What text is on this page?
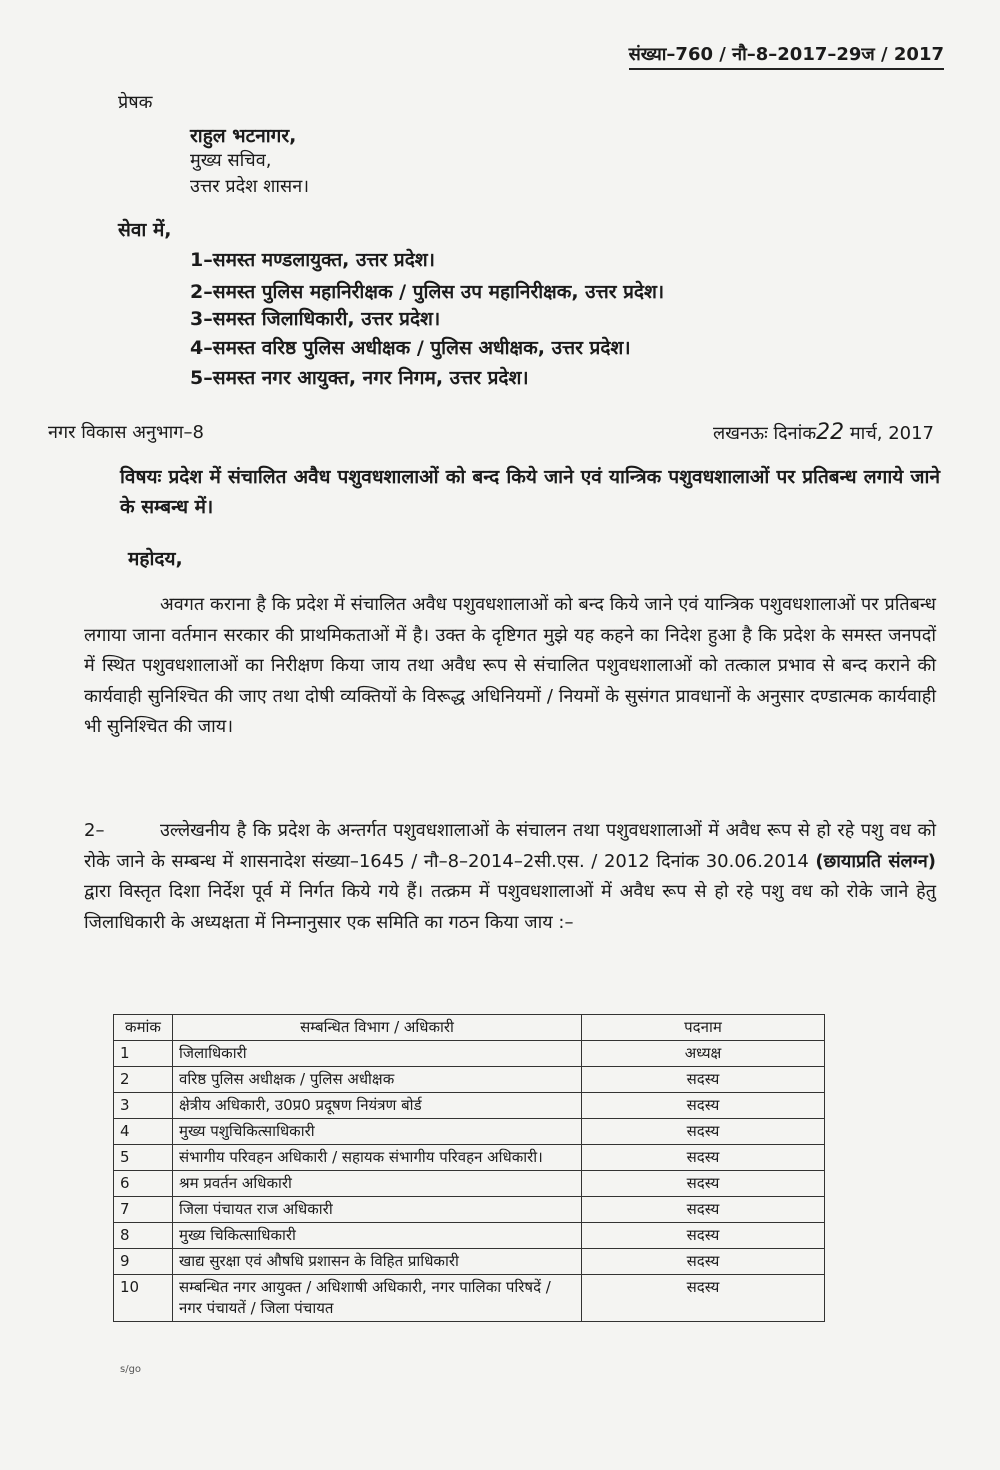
संख्या–760 / नौ–8–2017–29ज / 2017

प्रेषक

राहुल भटनागर,

मुख्य सचिव,

उत्तर प्रदेश शासन।

सेवा में,

1–समस्त मण्डलायुक्त, उत्तर प्रदेश।

2–समस्त पुलिस महानिरीक्षक / पुलिस उप महानिरीक्षक, उत्तर प्रदेश।

3–समस्त जिलाधिकारी, उत्तर प्रदेश।

4–समस्त वरिष्ठ पुलिस अधीक्षक / पुलिस अधीक्षक, उत्तर प्रदेश।

5–समस्त नगर आयुक्त, नगर निगम, उत्तर प्रदेश।

नगर विकास अनुभाग–8	लखनऊः दिनांक22 मार्च, 2017

विषयः प्रदेश में संचालित अवैध पशुवधशालाओं को बन्द किये जाने एवं यान्त्रिक पशुवधशालाओं पर प्रतिबन्ध लगाये जाने के सम्बन्ध में।

महोदय,

अवगत कराना है कि प्रदेश में संचालित अवैध पशुवधशालाओं को बन्द किये जाने एवं यान्त्रिक पशुवधशालाओं पर प्रतिबन्ध लगाया जाना वर्तमान सरकार की प्राथमिकताओं में है। उक्त के दृष्टिगत मुझे यह कहने का निदेश हुआ है कि प्रदेश के समस्त जनपदों में स्थित पशुवधशालाओं का निरीक्षण किया जाय तथा अवैध रूप से संचालित पशुवधशालाओं को तत्काल प्रभाव से बन्द कराने की कार्यवाही सुनिश्चित की जाए तथा दोषी व्यक्तियों के विरूद्ध अधिनियमों / नियमों के सुसंगत प्रावधानों के अनुसार दण्डात्मक कार्यवाही भी सुनिश्चित की जाय।

2–	उल्लेखनीय है कि प्रदेश के अन्तर्गत पशुवधशालाओं के संचालन तथा पशुवधशालाओं में अवैध रूप से हो रहे पशु वध को रोके जाने के सम्बन्ध में शासनादेश संख्या–1645 / नौ–8–2014–2सी.एस. / 2012 दिनांक 30.06.2014 (छायाप्रति संलग्न) द्वारा विस्तृत दिशा निर्देश पूर्व में निर्गत किये गये हैं। तत्क्रम में पशुवधशालाओं में अवैध रूप से हो रहे पशु वध को रोके जाने हेतु जिलाधिकारी के अध्यक्षता में निम्नानुसार एक समिति का गठन किया जाय :–

कमांक	सम्बन्धित विभाग / अधिकारी	पदनाम
1	जिलाधिकारी	अध्यक्ष
2	वरिष्ठ पुलिस अधीक्षक / पुलिस अधीक्षक	सदस्य
3	क्षेत्रीय अधिकारी, उ0प्र0 प्रदूषण नियंत्रण बोर्ड	सदस्य
4	मुख्य पशुचिकित्साधिकारी	सदस्य
5	संभागीय परिवहन अधिकारी / सहायक संभागीय परिवहन अधिकारी।	सदस्य
6	श्रम प्रवर्तन अधिकारी	सदस्य
7	जिला पंचायत राज अधिकारी	सदस्य
8	मुख्य चिकित्साधिकारी	सदस्य
9	खाद्य सुरक्षा एवं औषधि प्रशासन के विहित प्राधिकारी	सदस्य
10	सम्बन्धित नगर आयुक्त / अधिशाषी अधिकारी, नगर पालिका परिषदें / नगर पंचायतें / जिला पंचायत	सदस्य

s/go
